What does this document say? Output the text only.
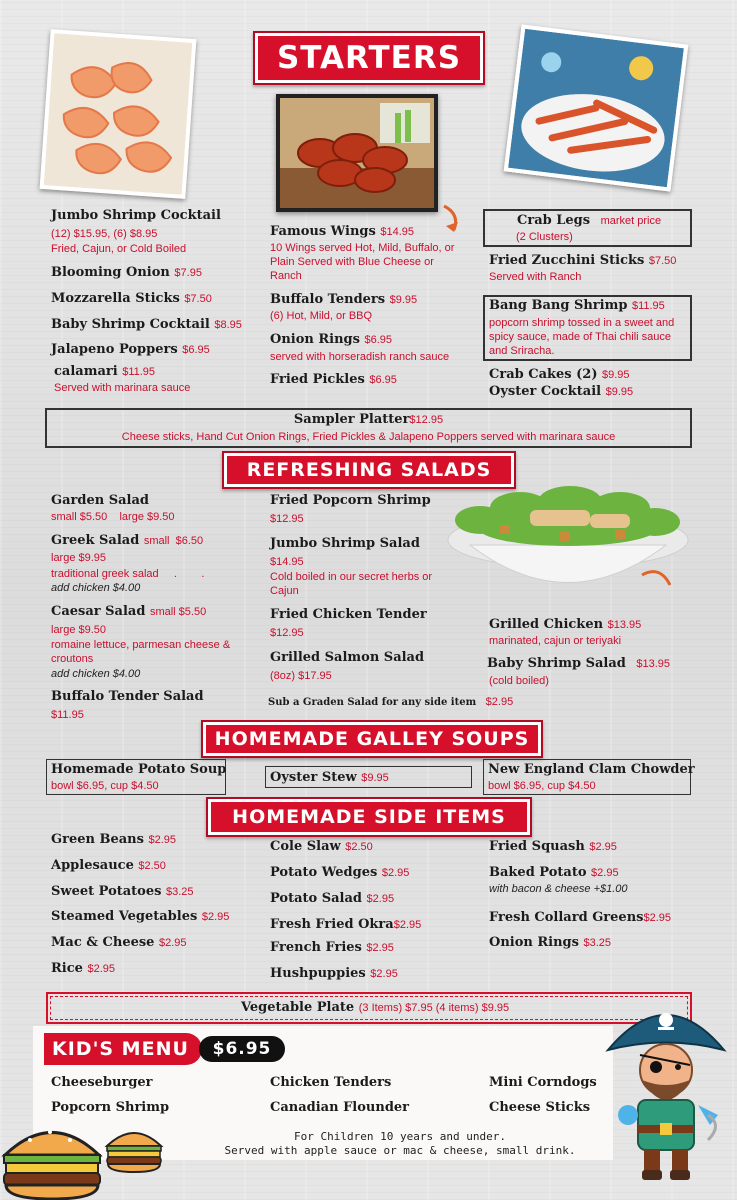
STARTERS
Jumbo Shrimp Cocktail
(12) $15.95, (6) $8.95
Fried, Cajun, or Cold Boiled
Blooming Onion $7.95
Mozzarella Sticks $7.50
Baby Shrimp Cocktail $8.95
Jalapeno Poppers $6.95
calamari $11.95
Served with marinara sauce
Famous Wings $14.95
10 Wings served Hot, Mild, Buffalo, or Plain Served with Blue Cheese or Ranch
Buffalo Tenders $9.95
(6) Hot, Mild, or BBQ
Onion Rings $6.95
served with horseradish ranch sauce
Fried Pickles $6.95
Crab Legs market price
(2 Clusters)
Fried Zucchini Sticks $7.50
Served with Ranch
Bang Bang Shrimp $11.95
popcorn shrimp tossed in a sweet and spicy sauce, made of Thai chili sauce and Sriracha.
Crab Cakes (2) $9.95
Oyster Cocktail $9.95
Sampler Platter$12.95
Cheese sticks, Hand Cut Onion Rings, Fried Pickles & Jalapeno Poppers served with marinara sauce
REFRESHING SALADS
Garden Salad
small $5.50    large $9.50
Greek Salad small  $6.50
large $9.95
traditional greek salad     .        .
add chicken $4.00
Caesar Salad small $5.50
large $9.50
romaine lettuce, parmesan cheese & croutons
add chicken $4.00
Buffalo Tender Salad
$11.95
Fried Popcorn Shrimp
$12.95
Jumbo Shrimp Salad
$14.95
Cold boiled in our secret herbs or Cajun
Fried Chicken Tender
$12.95
Grilled Salmon Salad
(8oz) $17.95
Sub a Graden Salad for any side item $2.95
Grilled Chicken $13.95
marinated, cajun or teriyaki
Baby Shrimp Salad $13.95
(cold boiled)
HOMEMADE GALLEY SOUPS
Homemade Potato Soup
bowl $6.95, cup $4.50
Oyster Stew $9.95
New England Clam Chowder
bowl $6.95, cup $4.50
HOMEMADE SIDE ITEMS
Green Beans $2.95
Applesauce $2.50
Sweet Potatoes $3.25
Steamed Vegetables $2.95
Mac & Cheese $2.95
Rice $2.95
Cole Slaw $2.50
Potato Wedges $2.95
Potato Salad $2.95
Fresh Fried Okra$2.95
French Fries $2.95
Hushpuppies $2.95
Fried Squash $2.95
Baked Potato $2.95
with bacon & cheese +$1.00
Fresh Collard Greens$2.95
Onion Rings $3.25
Vegetable Plate (3 Items) $7.95 (4 items) $9.95
KID'S MENU	$6.95
Cheeseburger	Chicken Tenders	Mini Corndogs
Popcorn Shrimp	Canadian Flounder	Cheese Sticks
For Children 10 years and under.
Served with apple sauce or mac & cheese, small drink.
